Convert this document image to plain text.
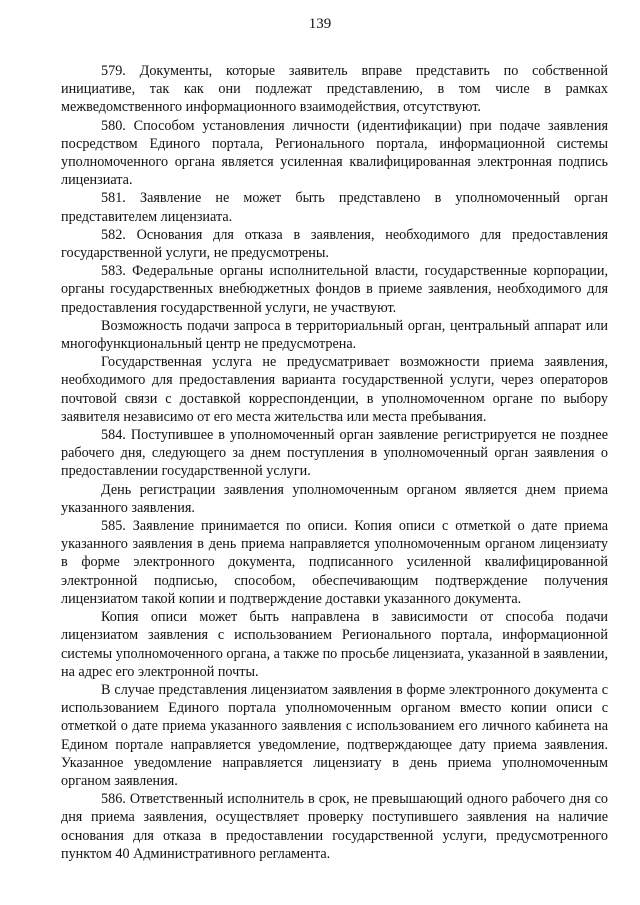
139

579. Документы, которые заявитель вправе представить по собственной инициативе, так как они подлежат представлению, в том числе в рамках межведомственного информационного взаимодействия, отсутствуют.

580. Способом установления личности (идентификации) при подаче заявления посредством Единого портала, Регионального портала, информационной системы уполномоченного органа является усиленная квалифицированная электронная подпись лицензиата.

581. Заявление не может быть представлено в уполномоченный орган представителем лицензиата.

582. Основания для отказа в заявления, необходимого для предоставления государственной услуги, не предусмотрены.

583. Федеральные органы исполнительной власти, государственные корпорации, органы государственных внебюджетных фондов в приеме заявления, необходимого для предоставления государственной услуги, не участвуют.

Возможность подачи запроса в территориальный орган, центральный аппарат или многофункциональный центр не предусмотрена.

Государственная услуга не предусматривает возможности приема заявления, необходимого для предоставления варианта государственной услуги, через операторов почтовой связи с доставкой корреспонденции, в уполномоченном органе по выбору заявителя независимо от его места жительства или места пребывания.

584. Поступившее в уполномоченный орган заявление регистрируется не позднее рабочего дня, следующего за днем поступления в уполномоченный орган заявления о предоставлении государственной услуги.

День регистрации заявления уполномоченным органом является днем приема указанного заявления.

585. Заявление принимается по описи. Копия описи с отметкой о дате приема указанного заявления в день приема направляется уполномоченным органом лицензиату в форме электронного документа, подписанного усиленной квалифицированной электронной подписью, способом, обеспечивающим подтверждение получения лицензиатом такой копии и подтверждение доставки указанного документа.

Копия описи может быть направлена в зависимости от способа подачи лицензиатом заявления с использованием Регионального портала, информационной системы уполномоченного органа, а также по просьбе лицензиата, указанной в заявлении, на адрес его электронной почты.

В случае представления лицензиатом заявления в форме электронного документа с использованием Единого портала уполномоченным органом вместо копии описи с отметкой о дате приема указанного заявления с использованием его личного кабинета на Едином портале направляется уведомление, подтверждающее дату приема заявления. Указанное уведомление направляется лицензиату в день приема уполномоченным органом заявления.

586. Ответственный исполнитель в срок, не превышающий одного рабочего дня со дня приема заявления, осуществляет проверку поступившего заявления на наличие основания для отказа в предоставлении государственной услуги, предусмотренного пунктом 40 Административного регламента.
